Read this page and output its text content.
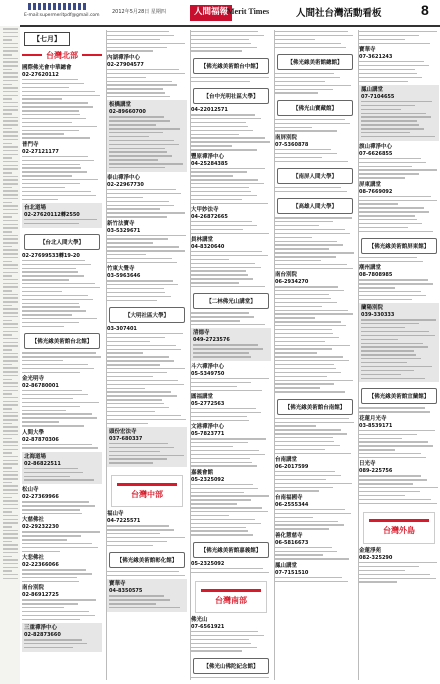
E-mail:supermeritpdf@gmail.com
2012年5月28日 星期四	人間福報
Merit Times	人間社台灣活動看板	8
【七月】
台灣北部
國際佛光會中華總會
02-27620112
普門寺
02-27121177
台北道場
02-27620112轉2550
【台北人間大學】
02-27699533轉19-20
【佛光緣美術館台北館】
金光明寺
02-86780001
人間大學
02-87870306
北海道場
02-86822511
松山寺
02-27369966
大慈佛社
02-29232230
大悲佛社
02-22366066
南台別院
02-86912725
三重禪淨中心
02-82873660
內湖禪淨中心
02-27904577
板橋講堂
02-89660700
泰山禪淨中心
02-22967730
新竹法寶寺
03-5329671
竹東大覺寺
03-5963646
【大明社區大學】
03-307401
頭份宏法寺
037-680337
台灣中部
福山寺
04-7225571
【佛光緣美術館彰化館】
寶華寺
04-8350575
【佛光緣美術館台中館】
【台中光明社區大學】
04-22012571
豐原禪淨中心
04-25284385
大甲妙法寺
04-26872665
員林講堂
04-8320640
【二林佛光山講堂】
清德寺
049-2723576
斗六禪淨中心
05-5349750
圓福講堂
05-2772563
文港禪淨中心
05-7823771
嘉義會館
05-2325092
【佛光緣美術館嘉義館】
05-2325092
台灣南部
佛光山
07-6561921
【佛光山佛陀紀念館】
【佛光緣美術館總館】
【佛光山寶藏館】
南屏別院
07-5360878
【南屏人間大學】
【高雄人間大學】
南台別院
06-2934270
【佛光緣美術館台南館】
台南講堂
06-2017599
台南福國寺
06-2555344
善化慧慈寺
06-5816673
鳳山講堂
07-7151510
寶華寺
07-3621243
鳳山講堂
07-7104655
旗山禪淨中心
07-6626855
屏東講堂
08-7669092
【佛光緣美術館屏東館】
潮州講堂
08-7808985
蘭陽別院
039-330333
【佛光緣美術館宜蘭館】
花蓮月光寺
03-8539171
日光寺
089-225756
台灣外島
金蓮淨苑
082-325290
